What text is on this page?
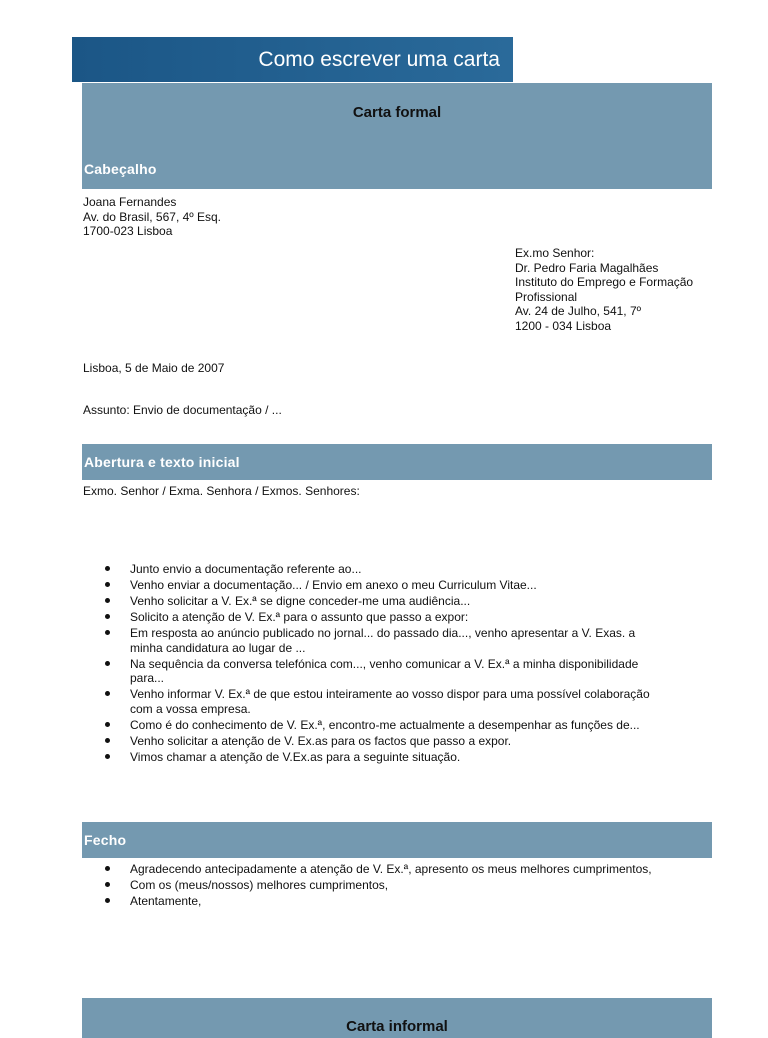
Como escrever uma carta
Carta formal
Cabeçalho
Joana Fernandes
Av. do Brasil, 567, 4º Esq.
1700-023 Lisboa
Ex.mo Senhor:
Dr. Pedro Faria Magalhães
Instituto do Emprego e Formação
Profissional
Av. 24 de Julho, 541, 7º
1200 - 034 Lisboa
Lisboa, 5 de Maio de 2007
Assunto: Envio de documentação / ...
Abertura e texto inicial
Exmo. Senhor / Exma. Senhora / Exmos. Senhores:
Junto envio a documentação referente ao...
Venho enviar a documentação... / Envio em anexo o meu Curriculum Vitae...
Venho solicitar a V. Ex.ª se digne conceder-me uma audiência...
Solicito a atenção de V. Ex.ª para o assunto que passo a expor:
Em resposta ao anúncio publicado no jornal... do passado dia..., venho apresentar a V. Exas. a
minha candidatura ao lugar de ...
Na sequência da conversa telefónica com..., venho comunicar a V. Ex.ª a minha disponibilidade
para...
Venho informar V. Ex.ª de que estou inteiramente ao vosso dispor para uma possível colaboração
com a vossa empresa.
Como é do conhecimento de V. Ex.ª, encontro-me actualmente a desempenhar as funções de...
Venho solicitar a atenção de V. Ex.as para os factos que passo a expor.
Vimos chamar a atenção de V.Ex.as para a seguinte situação.
Fecho
Agradecendo antecipadamente a atenção de V. Ex.ª, apresento os meus melhores cumprimentos,
Com os (meus/nossos) melhores cumprimentos,
Atentamente,
Carta informal
